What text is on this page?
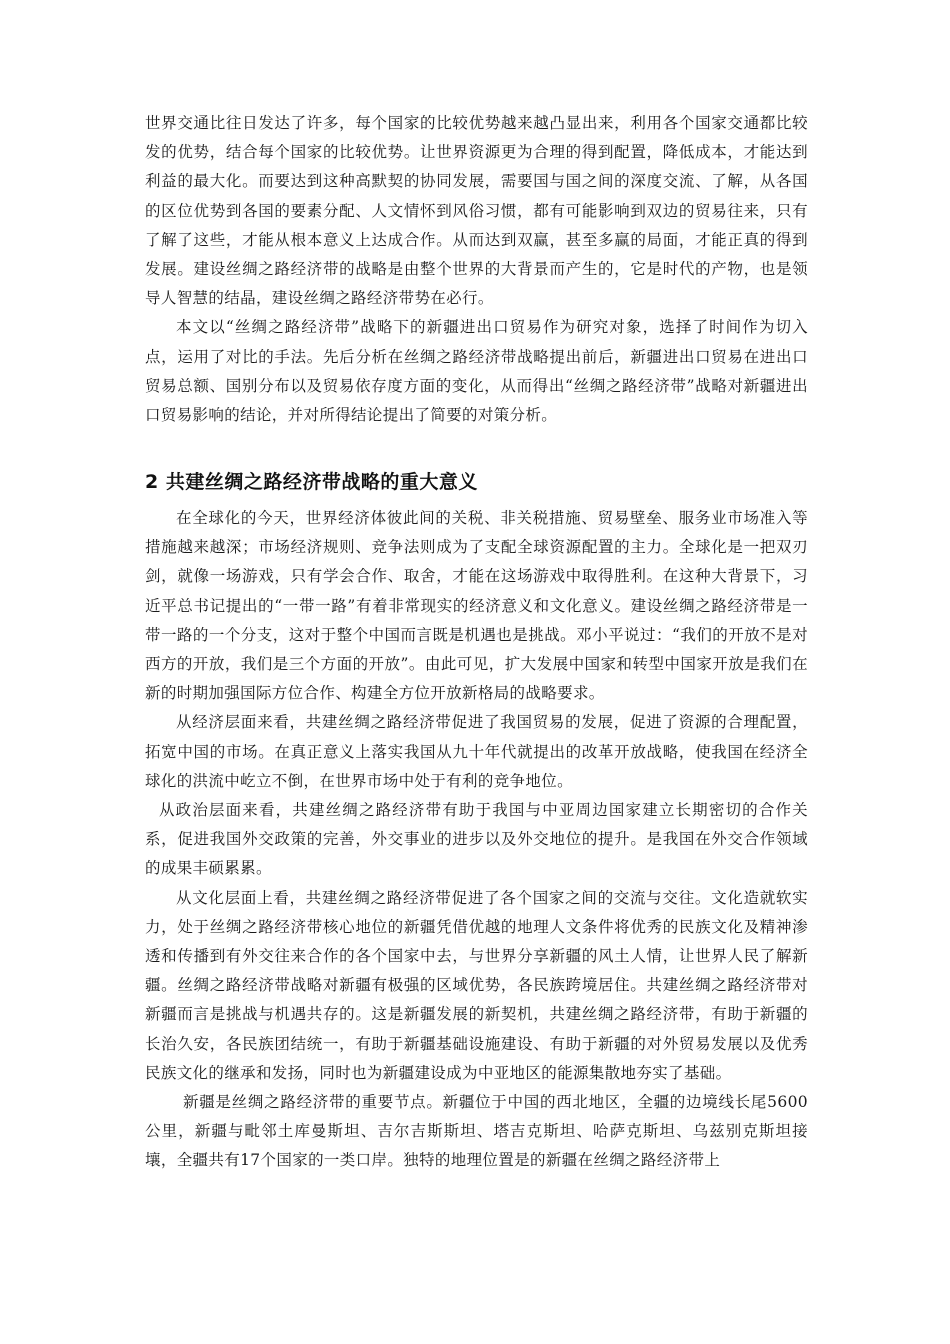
世界交通比往日发达了许多，每个国家的比较优势越来越凸显出来，利用各个国家交通都比较发的优势，结合每个国家的比较优势。让世界资源更为合理的得到配置，降低成本，才能达到利益的最大化。而要达到这种高默契的协同发展，需要国与国之间的深度交流、了解，从各国的区位优势到各国的要素分配、人文情怀到风俗习惯，都有可能影响到双边的贸易往来，只有了解了这些，才能从根本意义上达成合作。从而达到双赢，甚至多赢的局面，才能正真的得到发展。建设丝绸之路经济带的战略是由整个世界的大背景而产生的，它是时代的产物，也是领导人智慧的结晶，建设丝绸之路经济带势在必行。

本文以“丝绸之路经济带”战略下的新疆进出口贸易作为研究对象，选择了时间作为切入点，运用了对比的手法。先后分析在丝绸之路经济带战略提出前后，新疆进出口贸易在进出口贸易总额、国别分布以及贸易依存度方面的变化，从而得出“丝绸之路经济带”战略对新疆进出口贸易影响的结论，并对所得结论提出了简要的对策分析。

2 共建丝绸之路经济带战略的重大意义

在全球化的今天，世界经济体彼此间的关税、非关税措施、贸易壁垒、服务业市场准入等措施越来越深；市场经济规则、竞争法则成为了支配全球资源配置的主力。全球化是一把双刃剑，就像一场游戏，只有学会合作、取舍，才能在这场游戏中取得胜利。在这种大背景下，习近平总书记提出的“一带一路”有着非常现实的经济意义和文化意义。建设丝绸之路经济带是一带一路的一个分支，这对于整个中国而言既是机遇也是挑战。邓小平说过：“我们的开放不是对西方的开放，我们是三个方面的开放”。由此可见，扩大发展中国家和转型中国家开放是我们在新的时期加强国际方位合作、构建全方位开放新格局的战略要求。

从经济层面来看，共建丝绸之路经济带促进了我国贸易的发展，促进了资源的合理配置，拓宽中国的市场。在真正意义上落实我国从九十年代就提出的改革开放战略，使我国在经济全球化的洪流中屹立不倒，在世界市场中处于有利的竞争地位。

从政治层面来看，共建丝绸之路经济带有助于我国与中亚周边国家建立长期密切的合作关系，促进我国外交政策的完善，外交事业的进步以及外交地位的提升。是我国在外交合作领域的成果丰硕累累。

从文化层面上看，共建丝绸之路经济带促进了各个国家之间的交流与交往。文化造就软实力，处于丝绸之路经济带核心地位的新疆凭借优越的地理人文条件将优秀的民族文化及精神渗透和传播到有外交往来合作的各个国家中去，与世界分享新疆的风土人情，让世界人民了解新疆。丝绸之路经济带战略对新疆有极强的区域优势，各民族跨境居住。共建丝绸之路经济带对新疆而言是挑战与机遇共存的。这是新疆发展的新契机，共建丝绸之路经济带，有助于新疆的长治久安，各民族团结统一，有助于新疆基础设施建设、有助于新疆的对外贸易发展以及优秀民族文化的继承和发扬，同时也为新疆建设成为中亚地区的能源集散地夯实了基础。

新疆是丝绸之路经济带的重要节点。新疆位于中国的西北地区，全疆的边境线长尾5600公里，新疆与毗邻土库曼斯坦、吉尔吉斯斯坦、塔吉克斯坦、哈萨克斯坦、乌兹别克斯坦接壤，全疆共有17个国家的一类口岸。独特的地理位置是的新疆在丝绸之路经济带上
